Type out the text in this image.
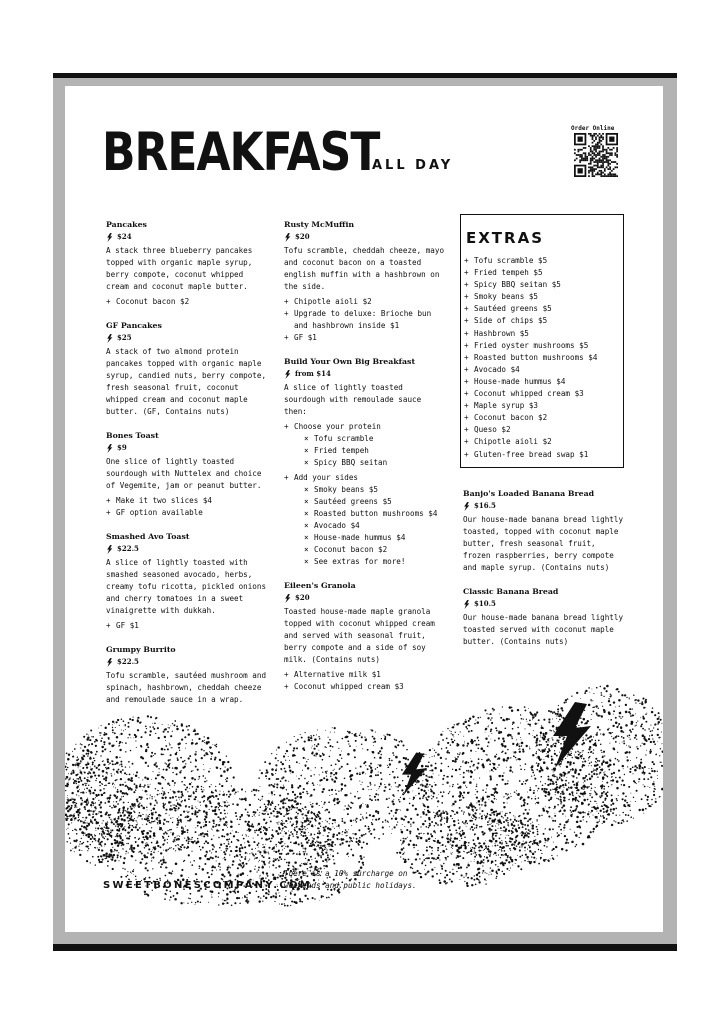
BREAKFAST
ALL DAY
Order Online
Pancakes
$24
A stack three blueberry pancakes topped with organic maple syrup, berry compote, coconut whipped cream and coconut maple butter.
+ Coconut bacon $2
GF Pancakes
$25
A stack of two almond protein pancakes topped with organic maple syrup, candied nuts, berry compote, fresh seasonal fruit, coconut whipped cream and coconut maple butter. (GF, Contains nuts)
Bones Toast
$9
One slice of lightly toasted sourdough with Nuttelex and choice of Vegemite, jam or peanut butter.
+ Make it two slices $4
+ GF option available
Smashed Avo Toast
$22.5
A slice of lightly toasted with smashed seasoned avocado, herbs, creamy tofu ricotta, pickled onions and cherry tomatoes in a sweet vinaigrette with dukkah.
+ GF $1
Grumpy Burrito
$22.5
Tofu scramble, sautéed mushroom and spinach, hashbrown, cheddah cheeze and remoulade sauce in a wrap.
Rusty McMuffin
$20
Tofu scramble, cheddah cheeze, mayo and coconut bacon on a toasted english muffin with a hashbrown on the side.
+ Chipotle aioli $2
+ Upgrade to deluxe: Brioche bun and hashbrown inside $1
+ GF $1
Build Your Own Big Breakfast
from $14
A slice of lightly toasted sourdough with remoulade sauce then:
+ Choose your protein
× Tofu scramble
× Fried tempeh
× Spicy BBQ seitan
+ Add your sides
× Smoky beans $5
× Sautéed greens $5
× Roasted button mushrooms $4
× Avocado $4
× House-made hummus $4
× Coconut bacon $2
× See extras for more!
Eileen's Granola
$20
Toasted house-made maple granola topped with coconut whipped cream and served with seasonal fruit, berry compote and a side of soy milk. (Contains nuts)
+ Alternative milk $1
+ Coconut whipped cream $3
EXTRAS
+ Tofu scramble $5
+ Fried tempeh $5
+ Spicy BBQ seitan $5
+ Smoky beans $5
+ Sautéed greens $5
+ Side of chips $5
+ Hashbrown $5
+ Fried oyster mushrooms $5
+ Roasted button mushrooms $4
+ Avocado $4
+ House-made hummus $4
+ Coconut whipped cream $3
+ Maple syrup $3
+ Coconut bacon $2
+ Queso $2
+ Chipotle aioli $2
+ Gluten-free bread swap $1
Banjo's Loaded Banana Bread
$16.5
Our house-made banana bread lightly toasted, topped with coconut maple butter, fresh seasonal fruit, frozen raspberries, berry compote and maple syrup. (Contains nuts)
Classic Banana Bread
$10.5
Our house-made banana bread lightly toasted served with coconut maple butter. (Contains nuts)
SWEETBONESCOMPANY.COM
There is a 10% surcharge on weekends and public holidays.
